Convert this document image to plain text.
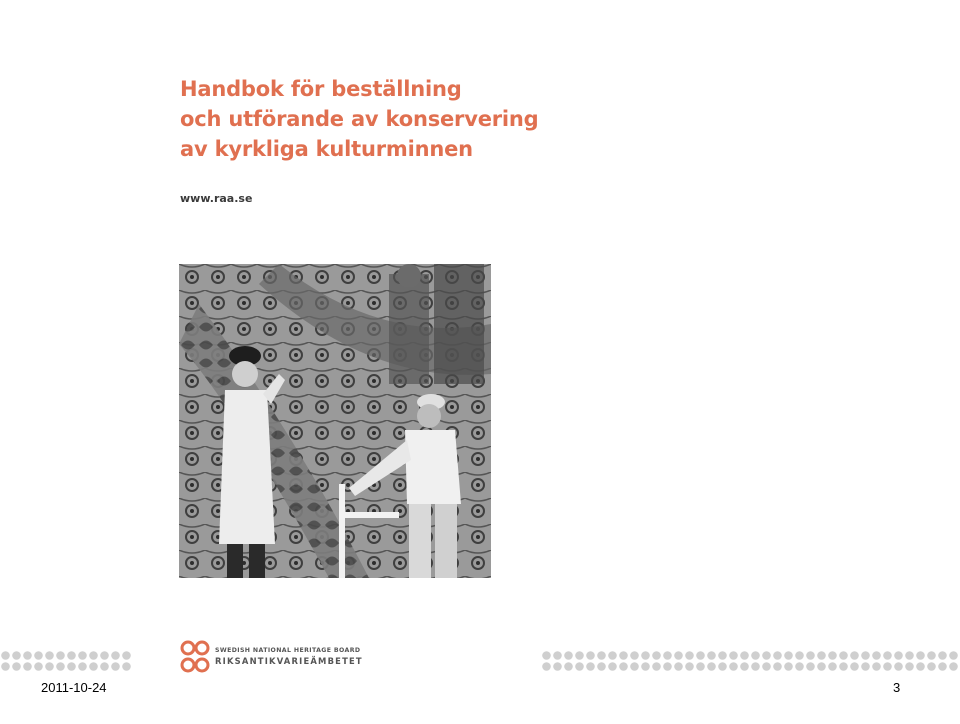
Handbok för beställning
och utförande av konservering
av kyrkliga kulturminnen
www.raa.se
SWEDISH NATIONAL HERITAGE BOARD
RIKSANTIKVARIEÄMBETET
2011-10-24	3
